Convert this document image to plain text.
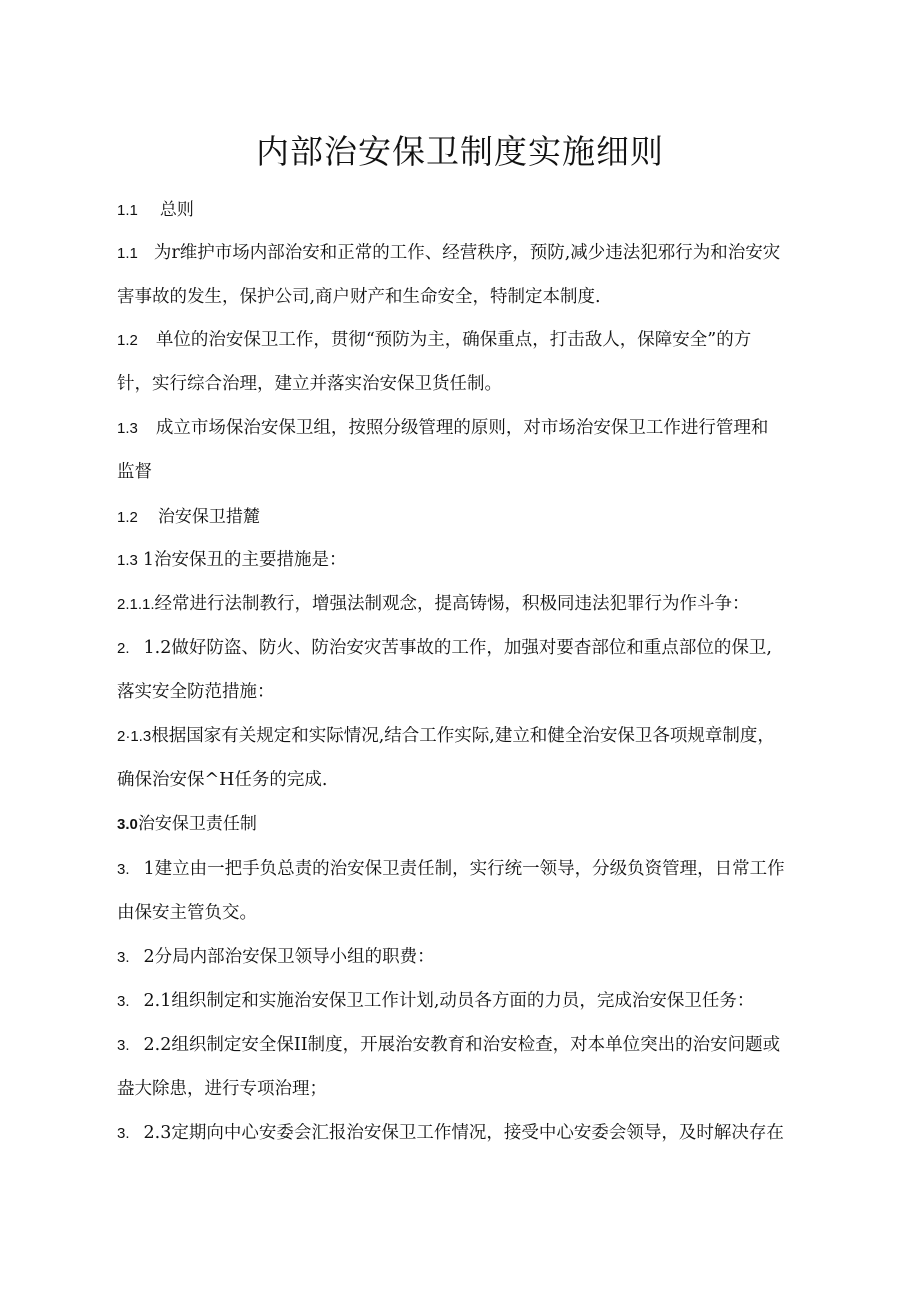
内部治安保卫制度实施细则
1.1 总则
1.1 为r维护市场内部治安和正常的工作、经营秩序，预防,减少违法犯邪行为和治安灾
害事故的发生，保护公司,商户财产和生命安全，特制定本制度.
1.2 单位的治安保卫工作，贯彻“预防为主，确保重点，打击敌人，保障安全”的方
针，实行综合治理，建立并落实治安保卫货任制。
1.3 成立市场保治安保卫组，按照分级管理的原则，对市场治安保卫工作进行管理和
监督
1.2 治安保卫措麓
1.3 1治安保丑的主要措施是：
2.1.1.经常进行法制教行，增强法制观念，提高铸惕，积极同违法犯罪行为作斗争：
2. 1.2做好防盗、防火、防治安灾苦事故的工作，加强对要杳部位和重点部位的保卫,
落实安全防范措施：
2·1.3根据国家有关规定和实际情况,结合工作实际,建立和健全治安保卫各项规章制度，
确保治安保^H任务的完成.
3.0治安保卫责任制
3. 1建立由一把手负总责的治安保卫责任制，实行统一领导，分级负资管理，日常工作
由保安主管负交。
3. 2分局内部治安保卫领导小组的职费：
3. 2.1组织制定和实施治安保卫工作计划,动员各方面的力员，完成治安保卫任务：
3. 2.2组织制定安全保II制度，开展治安教育和治安检查，对本单位突出的治安问题或
盎大除患，进行专项治理；
3. 2.3定期向中心安委会汇报治安保卫工作情况，接受中心安委会领导，及时解决存在
